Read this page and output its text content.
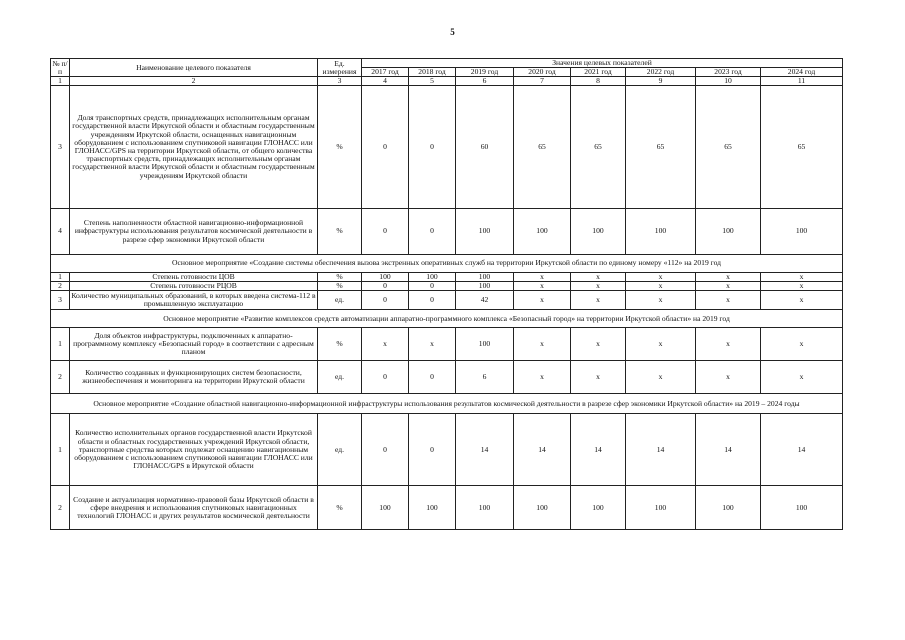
5
№ п/п	Наименование целевого показателя	Ед. измерения	Значения целевых показателей							
			2017 год	2018 год	2019 год	2020 год	2021 год	2022 год	2023 год	2024 год
1	2	3	4	5	6	7	8	9	10	11
3	Доля транспортных средств, принадлежащих исполнительным органам государственной власти Иркутской области и областным государственным учреждениям Иркутской области, оснащенных навигационным оборудованием с использованием спутниковой навигации ГЛОНАСС или ГЛОНАСС/GPS на территории Иркутской области, от общего количества транспортных средств, принадлежащих исполнительным органам государственной власти Иркутской области и областным государственным учреждениям Иркутской области	%	0	0	60	65	65	65	65	65
4	Степень наполненности областной навигационно-информационной инфраструктуры использования результатов космической деятельности в разрезе сфер экономики Иркутской области	%	0	0	100	100	100	100	100	100
Основное мероприятие «Создание системы обеспечения вызова экстренных оперативных служб на территории Иркутской области по единому номеру «112» на 2019 год										
1	Степень готовности ЦОВ	%	100	100	100	x	x	x	x	x
2	Степень готовности РЦОВ	%	0	0	100	x	x	x	x	x
3	Количество муниципальных образований, в которых введена система-112 в промышленную эксплуатацию	ед.	0	0	42	x	x	x	x	x
Основное мероприятие «Развитие комплексов средств автоматизации аппаратно-программного комплекса «Безопасный город» на территории Иркутской области» на 2019 год										
1	Доля объектов инфраструктуры, подключенных к аппаратно-программному комплексу «Безопасный город» в соответствии с адресным планом	%	x	x	100	x	x	x	x	x
2	Количество созданных и функционирующих систем безопасности, жизнеобеспечения и мониторинга на территории Иркутской области	ед.	0	0	6	x	x	x	x	x
Основное мероприятие «Создание областной навигационно-информационной инфраструктуры использования результатов космической деятельности в разрезе сфер экономики Иркутской области» на 2019 – 2024 годы										
1	Количество исполнительных органов государственной власти Иркутской области и областных государственных учреждений Иркутской области, транспортные средства которых подлежат оснащению навигационным оборудованием с использованием спутниковой навигации ГЛОНАСС или ГЛОНАСС/GPS в Иркутской области	ед.	0	0	14	14	14	14	14	14
2	Создание и актуализация нормативно-правовой базы Иркутской области в сфере внедрения и использования спутниковых навигационных технологий ГЛОНАСС и других результатов космической деятельности	%	100	100	100	100	100	100	100	100
